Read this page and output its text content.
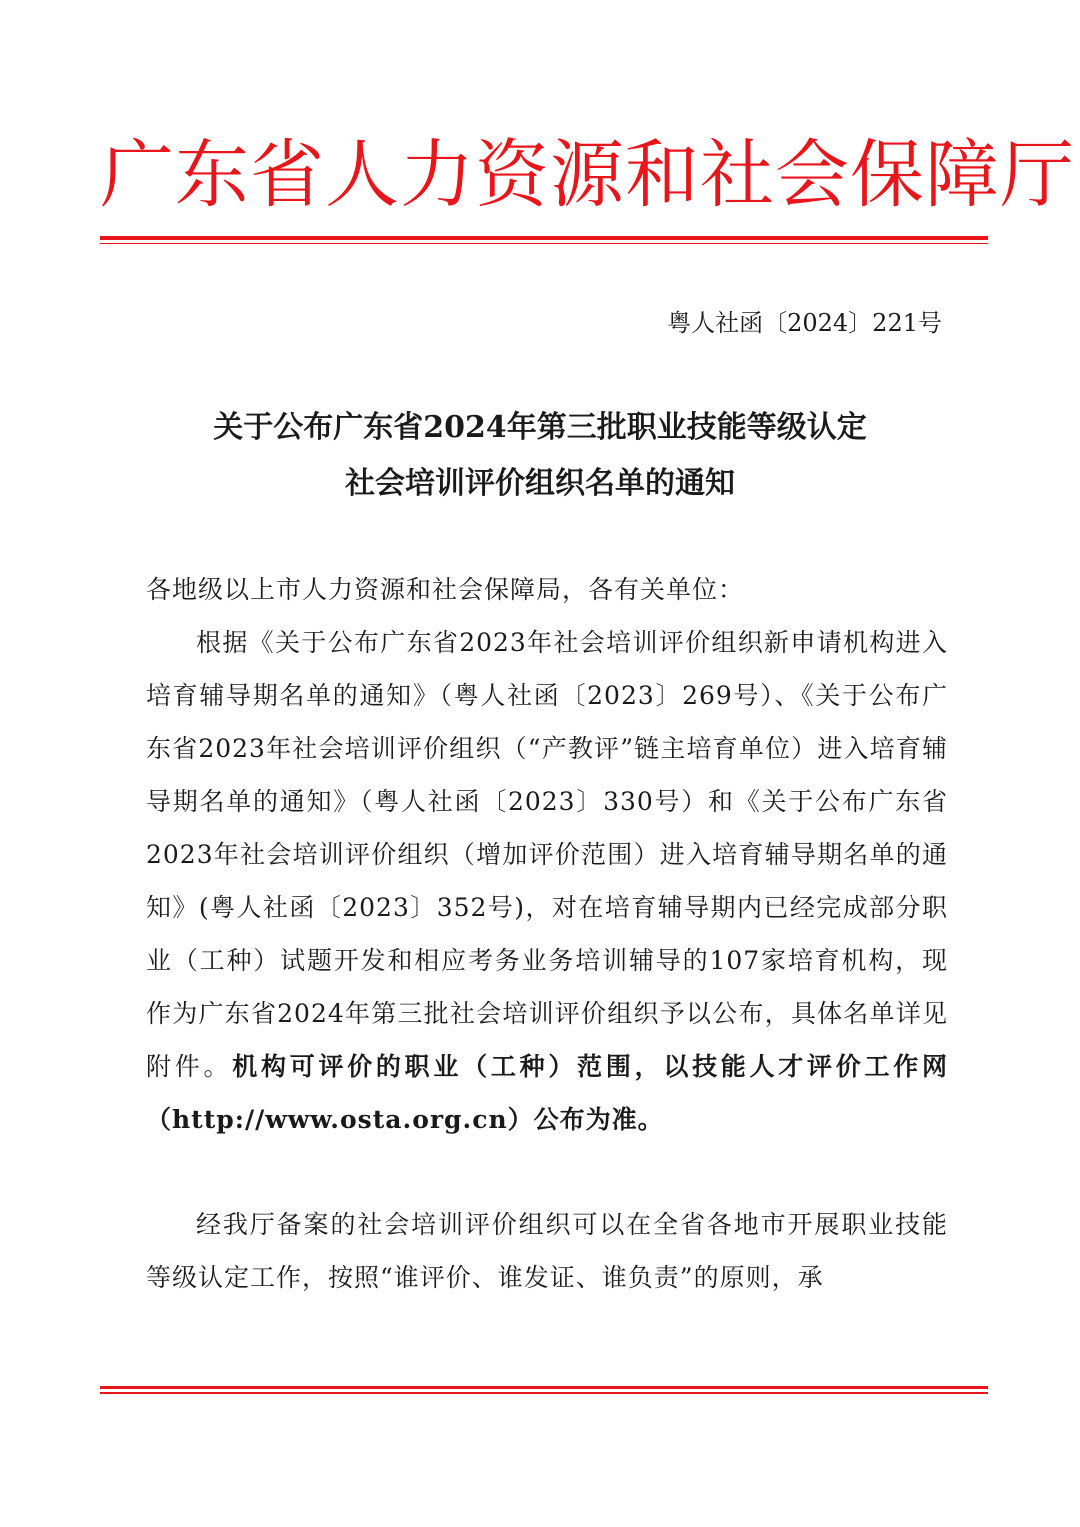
广东省人力资源和社会保障厅
粤人社函〔2024〕221号
关于公布广东省2024年第三批职业技能等级认定
社会培训评价组织名单的通知
各地级以上市人力资源和社会保障局，各有关单位：

根据《关于公布广东省2023年社会培训评价组织新申请机构进入培育辅导期名单的通知》（粤人社函〔2023〕269号）、《关于公布广东省2023年社会培训评价组织（“产教评”链主培育单位）进入培育辅导期名单的通知》（粤人社函〔2023〕330号）和《关于公布广东省2023年社会培训评价组织（增加评价范围）进入培育辅导期名单的通知》(粤人社函〔2023〕352号)，对在培育辅导期内已经完成部分职业（工种）试题开发和相应考务业务培训辅导的107家培育机构，现作为广东省2024年第三批社会培训评价组织予以公布，具体名单详见附件。机构可评价的职业（工种）范围，以技能人才评价工作网（http://www.osta.org.cn）公布为准。

经我厅备案的社会培训评价组织可以在全省各地市开展职业技能等级认定工作，按照“谁评价、谁发证、谁负责”的原则，承
